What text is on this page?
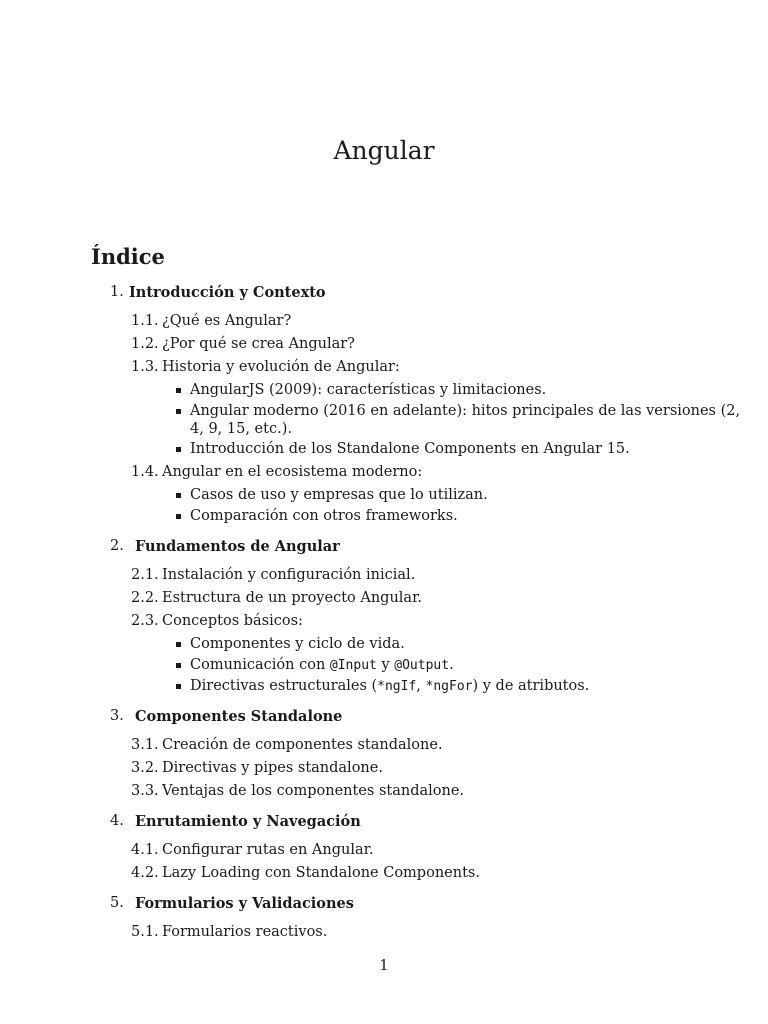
Angular
Índice
1. Introducción y Contexto
1.1. ¿Qué es Angular?
1.2. ¿Por qué se crea Angular?
1.3. Historia y evolución de Angular:
AngularJS (2009): características y limitaciones.
Angular moderno (2016 en adelante): hitos principales de las versiones (2,
4, 9, 15, etc.).
Introducción de los Standalone Components en Angular 15.
1.4. Angular en el ecosistema moderno:
Casos de uso y empresas que lo utilizan.
Comparación con otros frameworks.
2. Fundamentos de Angular
2.1. Instalación y configuración inicial.
2.2. Estructura de un proyecto Angular.
2.3. Conceptos básicos:
Componentes y ciclo de vida.
Comunicación con @Input y @Output.
Directivas estructurales (*ngIf, *ngFor) y de atributos.
3. Componentes Standalone
3.1. Creación de componentes standalone.
3.2. Directivas y pipes standalone.
3.3. Ventajas de los componentes standalone.
4. Enrutamiento y Navegación
4.1. Configurar rutas en Angular.
4.2. Lazy Loading con Standalone Components.
5. Formularios y Validaciones
5.1. Formularios reactivos.
1
